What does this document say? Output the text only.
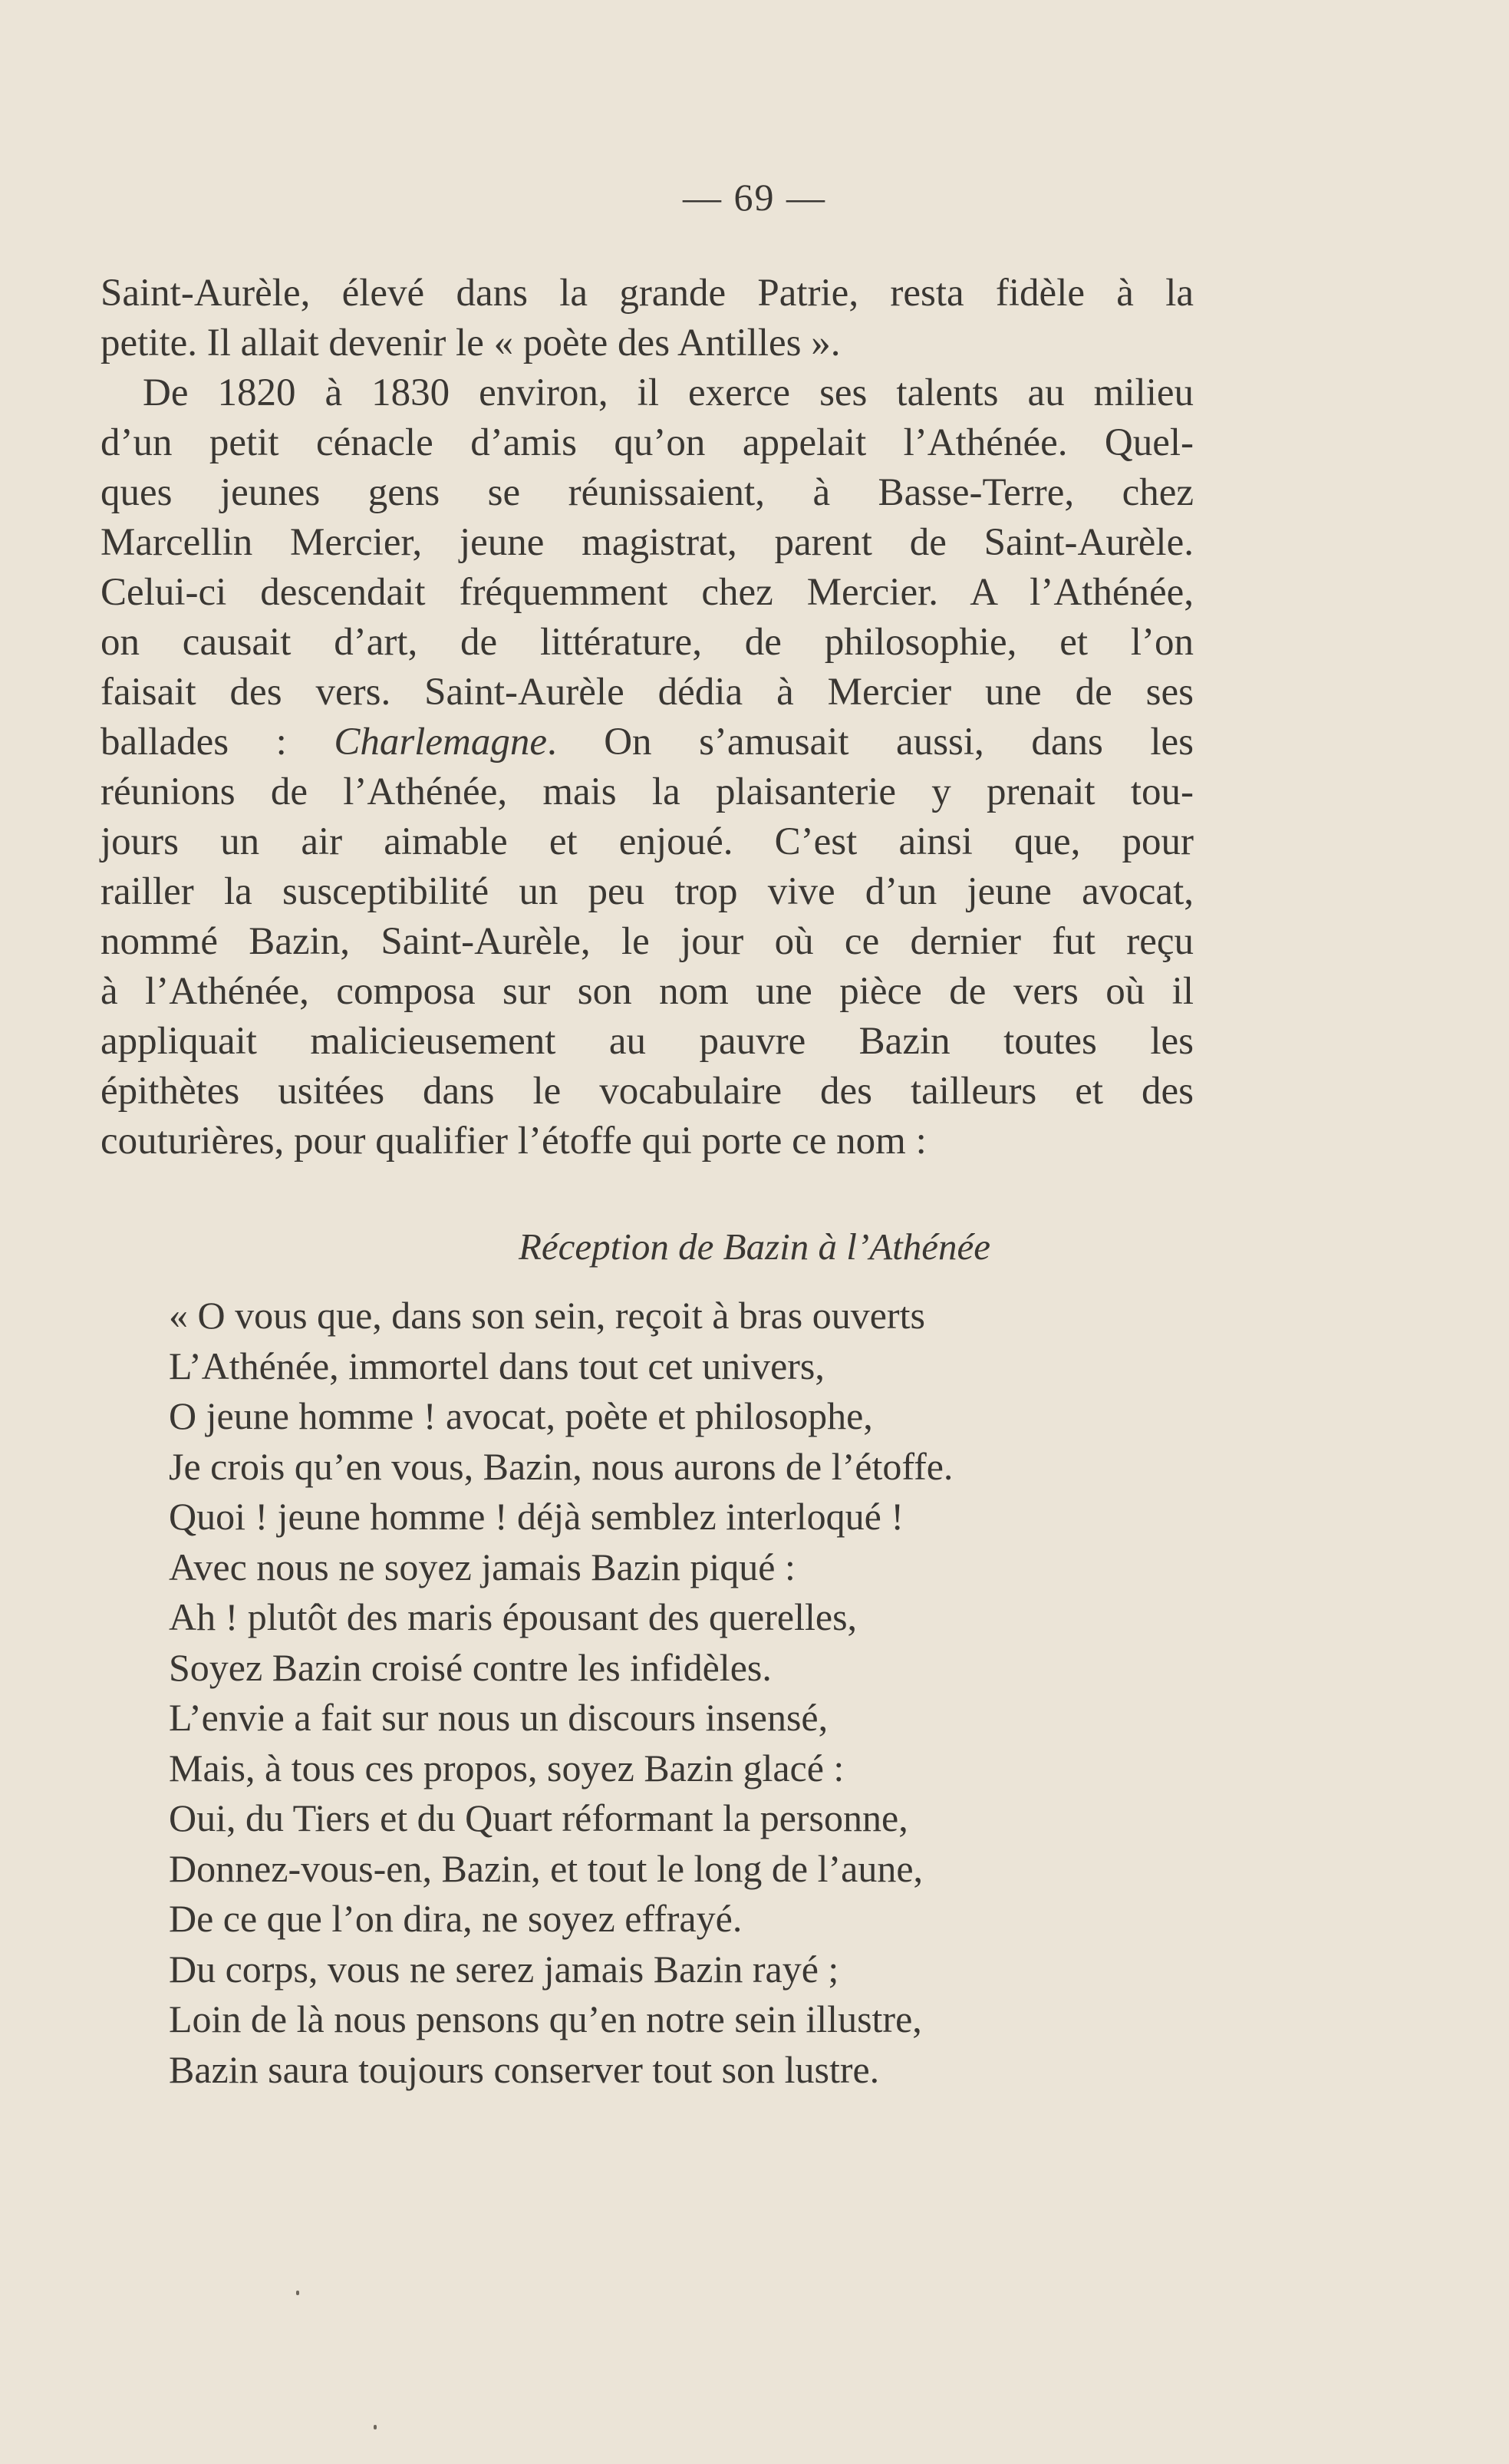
— 69 —
Saint-Aurèle, élevé dans la grande Patrie, resta fidèle à la
petite. Il allait devenir le « poète des Antilles ».
De 1820 à 1830 environ, il exerce ses talents au milieu
d’un petit cénacle d’amis qu’on appelait l’Athénée. Quel-
ques jeunes gens se réunissaient, à Basse-Terre, chez
Marcellin Mercier, jeune magistrat, parent de Saint-Aurèle.
Celui-ci descendait fréquemment chez Mercier. A l’Athénée,
on causait d’art, de littérature, de philosophie, et l’on
faisait des vers. Saint-Aurèle dédia à Mercier une de ses
ballades : Charlemagne. On s’amusait aussi, dans les
réunions de l’Athénée, mais la plaisanterie y prenait tou-
jours un air aimable et enjoué. C’est ainsi que, pour
railler la susceptibilité un peu trop vive d’un jeune avocat,
nommé Bazin, Saint-Aurèle, le jour où ce dernier fut reçu
à l’Athénée, composa sur son nom une pièce de vers où il
appliquait malicieusement au pauvre Bazin toutes les
épithètes usitées dans le vocabulaire des tailleurs et des
couturières, pour qualifier l’étoffe qui porte ce nom :
Réception de Bazin à l’Athénée
« O vous que, dans son sein, reçoit à bras ouverts
L’Athénée, immortel dans tout cet univers,
O jeune homme ! avocat, poète et philosophe,
Je crois qu’en vous, Bazin, nous aurons de l’étoffe.
Quoi ! jeune homme ! déjà semblez interloqué !
Avec nous ne soyez jamais Bazin piqué :
Ah ! plutôt des maris épousant des querelles,
Soyez Bazin croisé contre les infidèles.
L’envie a fait sur nous un discours insensé,
Mais, à tous ces propos, soyez Bazin glacé :
Oui, du Tiers et du Quart réformant la personne,
Donnez-vous-en, Bazin, et tout le long de l’aune,
De ce que l’on dira, ne soyez effrayé.
Du corps, vous ne serez jamais Bazin rayé ;
Loin de là nous pensons qu’en notre sein illustre,
Bazin saura toujours conserver tout son lustre.
